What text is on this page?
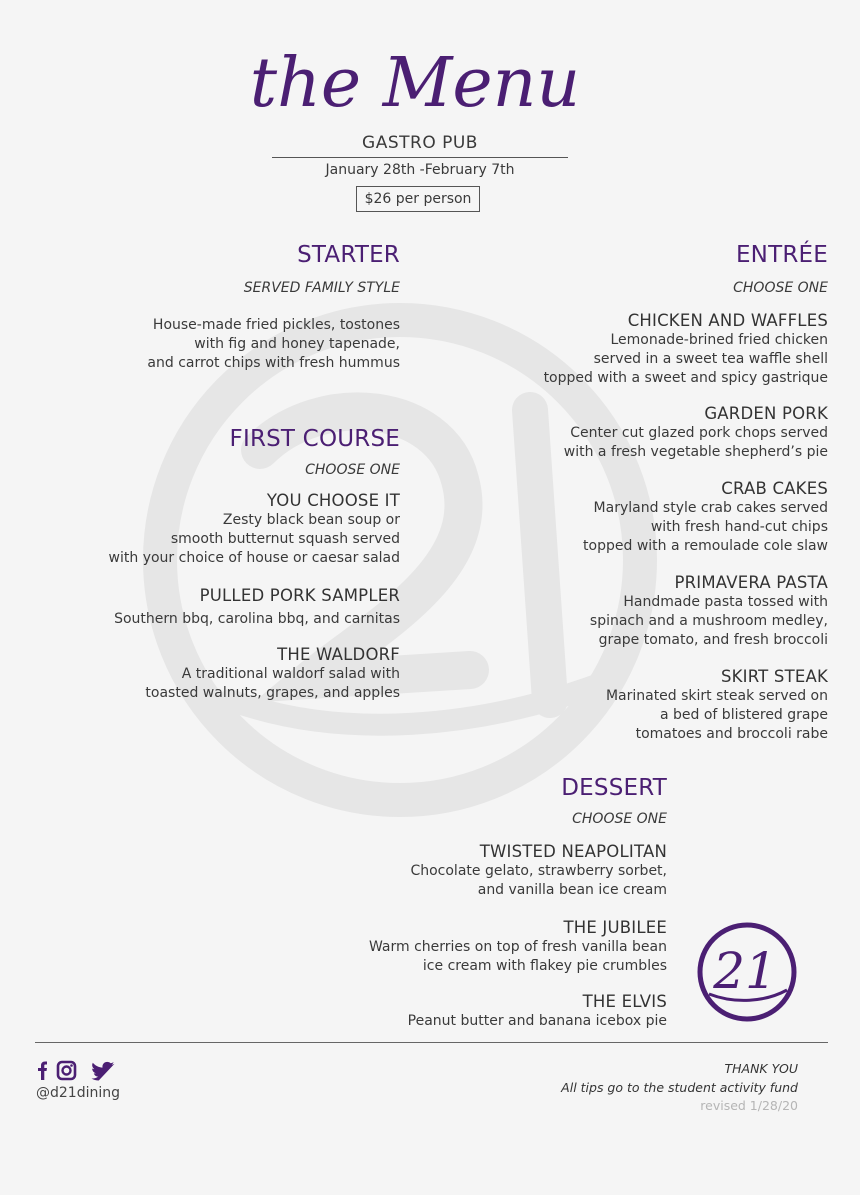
the Menu
GASTRO PUB
January 28th -February 7th
$26 per person
STARTER
SERVED FAMILY STYLE
House-made fried pickles, tostones
with fig and honey tapenade,
and carrot chips with fresh hummus
FIRST COURSE
CHOOSE ONE
YOU CHOOSE IT
Zesty black bean soup or
smooth butternut squash served
with your choice of house or caesar salad
PULLED PORK SAMPLER
Southern bbq, carolina bbq, and carnitas
THE WALDORF
A traditional waldorf salad with
toasted walnuts, grapes, and apples
ENTRÉE
CHOOSE ONE
CHICKEN AND WAFFLES
Lemonade-brined fried chicken
served in a sweet tea waffle shell
topped with a sweet and spicy gastrique
GARDEN PORK
Center cut glazed pork chops served
with a fresh vegetable shepherd’s pie
CRAB CAKES
Maryland style crab cakes served
with fresh hand-cut chips
topped with a remoulade cole slaw
PRIMAVERA PASTA
Handmade pasta tossed with
spinach and a mushroom medley,
grape tomato, and fresh broccoli
SKIRT STEAK
Marinated skirt steak served on
a bed of blistered grape
tomatoes and broccoli rabe
DESSERT
CHOOSE ONE
TWISTED NEAPOLITAN
Chocolate gelato, strawberry sorbet,
and vanilla bean ice cream
THE JUBILEE
Warm cherries on top of fresh vanilla bean
ice cream with flakey pie crumbles
THE ELVIS
Peanut butter and banana icebox pie
21
@d21dining
THANK YOU
All tips go to the student activity fund
revised 1/28/20
